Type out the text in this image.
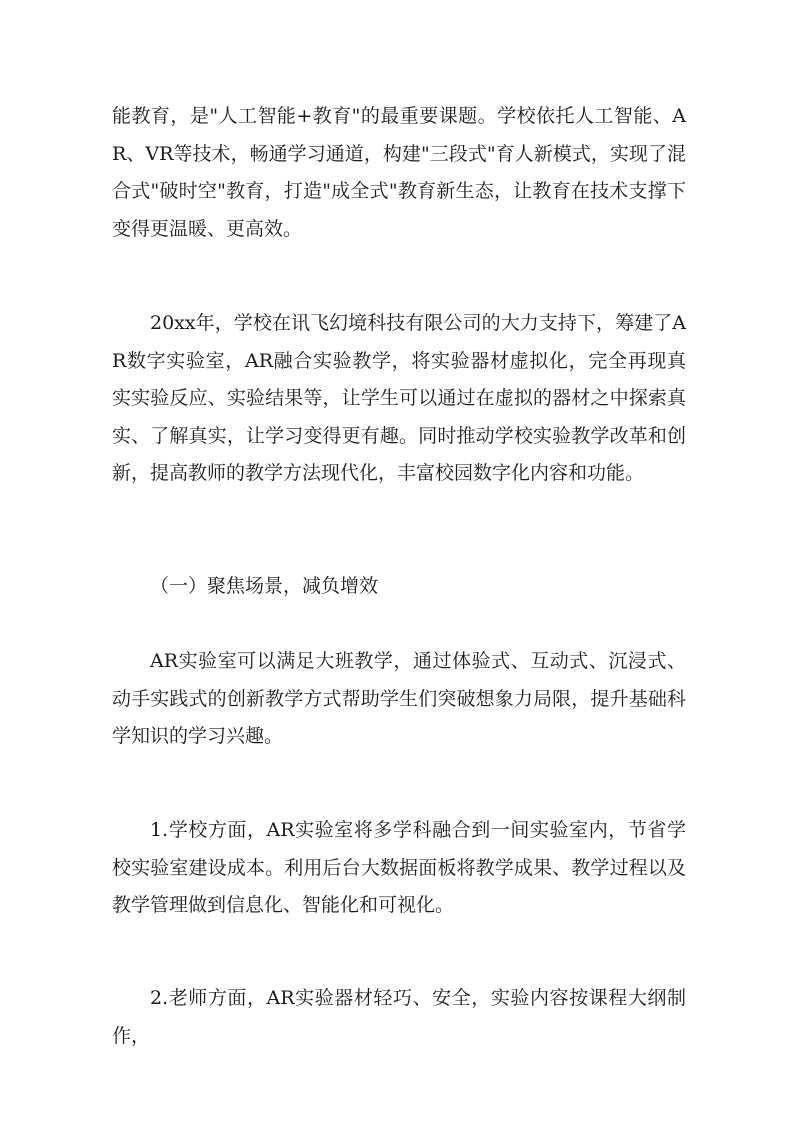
能教育，是"人工智能+教育"的最重要课题。学校依托人工智能、AR、VR等技术，畅通学习通道，构建"三段式"育人新模式，实现了混合式"破时空"教育，打造"成全式"教育新生态，让教育在技术支撑下变得更温暖、更高效。

20xx年，学校在讯飞幻境科技有限公司的大力支持下，筹建了AR数字实验室，AR融合实验教学，将实验器材虚拟化，完全再现真实实验反应、实验结果等，让学生可以通过在虚拟的器材之中探索真实、了解真实，让学习变得更有趣。同时推动学校实验教学改革和创新，提高教师的教学方法现代化，丰富校园数字化内容和功能。

（一）聚焦场景，减负增效

AR实验室可以满足大班教学，通过体验式、互动式、沉浸式、动手实践式的创新教学方式帮助学生们突破想象力局限，提升基础科学知识的学习兴趣。

1.学校方面，AR实验室将多学科融合到一间实验室内，节省学校实验室建设成本。利用后台大数据面板将教学成果、教学过程以及教学管理做到信息化、智能化和可视化。

2.老师方面，AR实验器材轻巧、安全，实验内容按课程大纲制作，
